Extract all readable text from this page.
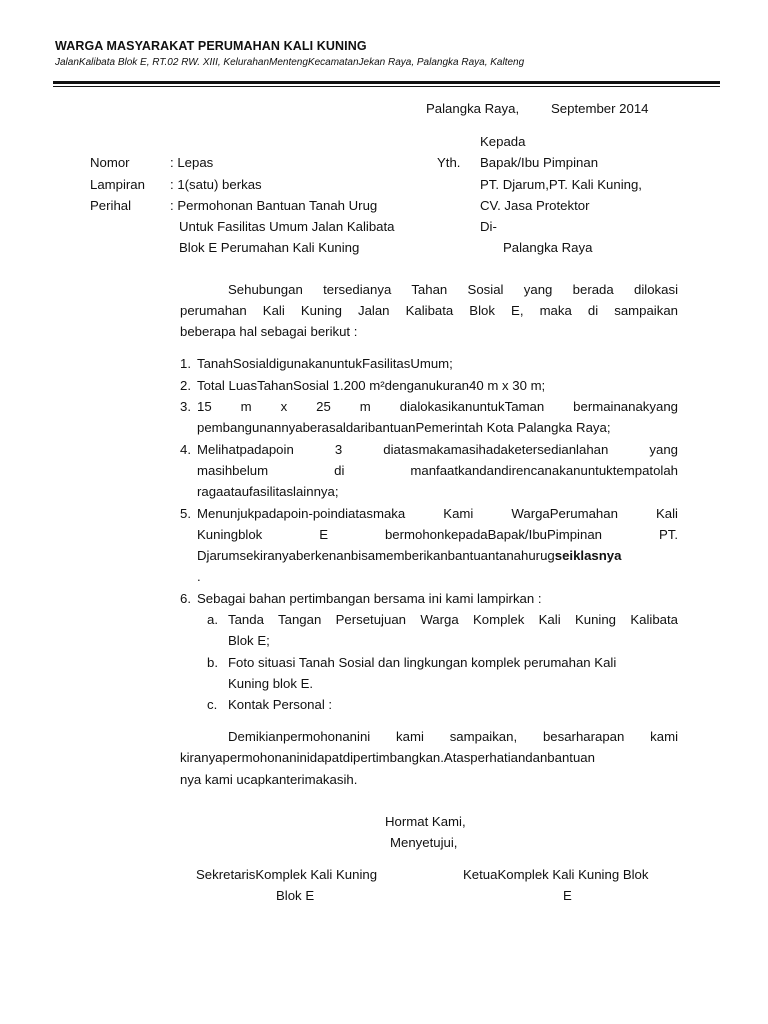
WARGA MASYARAKAT PERUMAHAN KALI KUNING
JalanKalibata Blok E, RT.02 RW. XIII, KelurahanMentengKecamatanJekan Raya, Palangka Raya, Kalteng
Palangka Raya, September 2014
Nomor	: Lepas
Lampiran : 1(satu) berkas
Perihal	: Permohonan Bantuan Tanah Urug
Untuk Fasilitas Umum Jalan Kalibata
Blok E Perumahan Kali Kuning
Yth.
Kepada
Bapak/Ibu Pimpinan
PT. Djarum,PT. Kali Kuning,
CV. Jasa Protektor
Di-
Palangka Raya
Sehubungan tersedianya Tahan Sosial yang berada dilokasi
perumahan Kali Kuning Jalan Kalibata Blok E, maka di sampaikan
beberapa hal sebagai berikut :
1. TanahSosialdigunakanuntukFasilitasUmum;
2. Total LuasTahanSosial 1.200 m²denganukuran40 m x 30 m;
3. 15 m x 25 m dialokasikanuntukTaman bermainanakyang
pembangunannyaberasaldaribantuanPemerintah Kota Palangka Raya;
4. Melihatpadapoin 3 diatasmakamasihadaketersedianlahan yang
masihbelum di manfaatkandandirencanakanuntuktempatolah
ragaataufasilitaslainnya;
5. Menunjukpadapoin-poindiatasmaka Kami WargaPerumahan Kali
Kuningblok E bermohonkepadaBapak/IbuPimpinan PT.
Djarumsekiranyaberkenanbisamemberikanbantuantanahurugseiklasnya
.
6. Sebagai bahan pertimbangan bersama ini kami lampirkan :
a. Tanda Tangan Persetujuan Warga Komplek Kali Kuning Kalibata
Blok E;
b. Foto situasi Tanah Sosial dan lingkungan komplek perumahan Kali
Kuning blok E.
c. Kontak Personal :
Demikianpermohonanini kami sampaikan, besarharapan kami
kiranyapermohonaninidapatdipertimbangkan.Atasperhatiandanbantuan
nya kami ucapkanterimakasih.
Hormat Kami,
Menyetujui,
SekretarisKomplek Kali Kuning
Blok E
KetuaKomplek Kali Kuning Blok
E
